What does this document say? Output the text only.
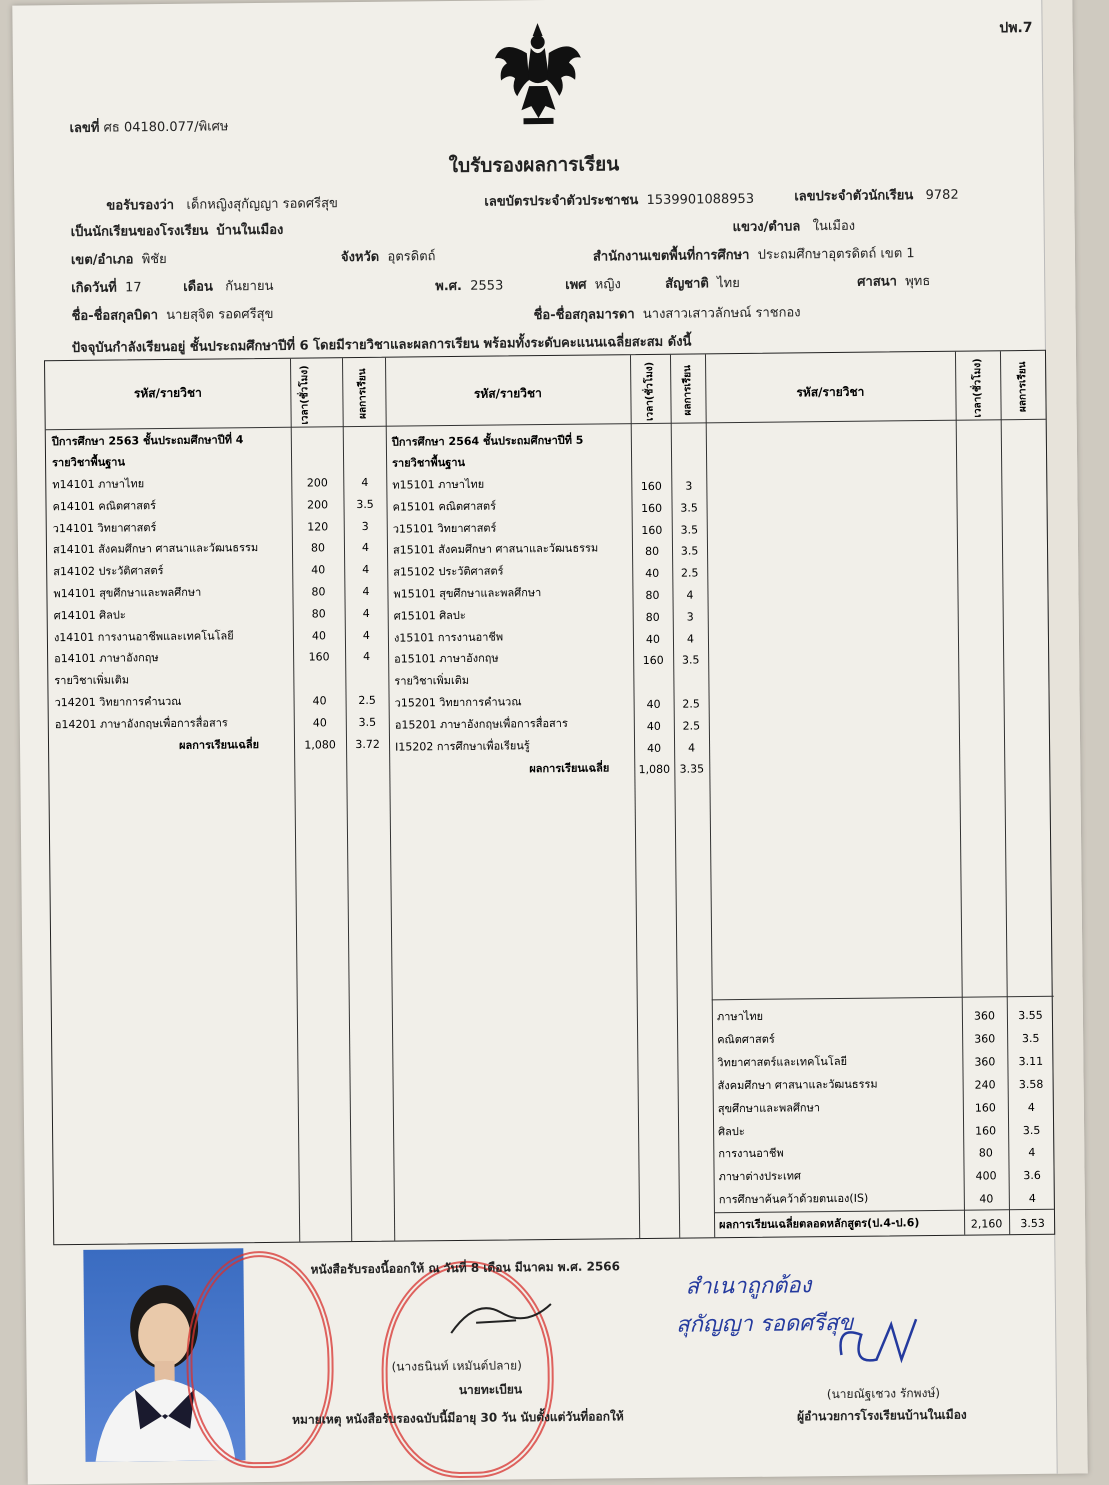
ปพ.7
เลขที่ ศธ 04180.077/พิเศษ
ใบรับรองผลการเรียน
ขอรับรองว่า เด็กหญิงสุกัญญา รอดศรีสุข	เลขบัตรประจำตัวประชาชน 1539901088953	เลขประจำตัวนักเรียน 9782
เป็นนักเรียนของโรงเรียน บ้านในเมือง	แขวง/ตำบล ในเมือง
เขต/อำเภอ พิชัย	จังหวัด อุตรดิตถ์	สำนักงานเขตพื้นที่การศึกษา ประถมศึกษาอุตรดิตถ์ เขต 1
เกิดวันที่ 17	เดือน กันยายน	พ.ศ. 2553	เพศ หญิง	สัญชาติ ไทย	ศาสนา พุทธ
ชื่อ-ชื่อสกุลบิดา นายสุจิต รอดศรีสุข	ชื่อ-ชื่อสกุลมารดา นางสาวเสาวลักษณ์ ราชกอง
ปัจจุบันกำลังเรียนอยู่ ชั้นประถมศึกษาปีที่ 6 โดยมีรายวิชาและผลการเรียน พร้อมทั้งระดับคะแนนเฉลี่ยสะสม ดังนี้
รหัส/รายวิชา	เวลา(ชั่วโมง)	ผลการเรียน	รหัส/รายวิชา	เวลา(ชั่วโมง)	ผลการเรียน	รหัส/รายวิชา	เวลา(ชั่วโมง)	ผลการเรียน
ปีการศึกษา 2563 ชั้นประถมศึกษาปีที่ 4
รายวิชาพื้นฐาน
ท14101 ภาษาไทย	200	4
ค14101 คณิตศาสตร์	200	3.5
ว14101 วิทยาศาสตร์	120	3
ส14101 สังคมศึกษา ศาสนาและวัฒนธรรม	80	4
ส14102 ประวัติศาสตร์	40	4
พ14101 สุขศึกษาและพลศึกษา	80	4
ศ14101 ศิลปะ	80	4
ง14101 การงานอาชีพและเทคโนโลยี	40	4
อ14101 ภาษาอังกฤษ	160	4
รายวิชาเพิ่มเติม
ว14201 วิทยาการคำนวณ	40	2.5
อ14201 ภาษาอังกฤษเพื่อการสื่อสาร	40	3.5
ผลการเรียนเฉลี่ย	1,080	3.72
ปีการศึกษา 2564 ชั้นประถมศึกษาปีที่ 5
รายวิชาพื้นฐาน
ท15101 ภาษาไทย	160	3
ค15101 คณิตศาสตร์	160	3.5
ว15101 วิทยาศาสตร์	160	3.5
ส15101 สังคมศึกษา ศาสนาและวัฒนธรรม	80	3.5
ส15102 ประวัติศาสตร์	40	2.5
พ15101 สุขศึกษาและพลศึกษา	80	4
ศ15101 ศิลปะ	80	3
ง15101 การงานอาชีพ	40	4
อ15101 ภาษาอังกฤษ	160	3.5
รายวิชาเพิ่มเติม
ว15201 วิทยาการคำนวณ	40	2.5
อ15201 ภาษาอังกฤษเพื่อการสื่อสาร	40	2.5
I15202 การศึกษาเพื่อเรียนรู้	40	4
ผลการเรียนเฉลี่ย	1,080 3.35
ภาษาไทย	360	3.55
คณิตศาสตร์	360	3.5
วิทยาศาสตร์และเทคโนโลยี	360	3.11
สังคมศึกษา ศาสนาและวัฒนธรรม	240	3.58
สุขศึกษาและพลศึกษา	160	4
ศิลปะ	160	3.5
การงานอาชีพ	80	4
ภาษาต่างประเทศ	400	3.6
การศึกษาค้นคว้าด้วยตนเอง(IS)	40	4
ผลการเรียนเฉลี่ยตลอดหลักสูตร(ป.4-ป.6)	2,160	3.53
หนังสือรับรองนี้ออกให้ ณ วันที่ 8 เดือน มีนาคม พ.ศ. 2566
(นางธนินท์ เหมันต์ปลาย)
นายทะเบียน
หมายเหตุ หนังสือรับรองฉบับนี้มีอายุ 30 วัน นับตั้งแต่วันที่ออกให้
สำเนาถูกต้อง
สุกัญญา รอดศรีสุข
(นายณัฐเชวง รักพงษ์)
ผู้อำนวยการโรงเรียนบ้านในเมือง
